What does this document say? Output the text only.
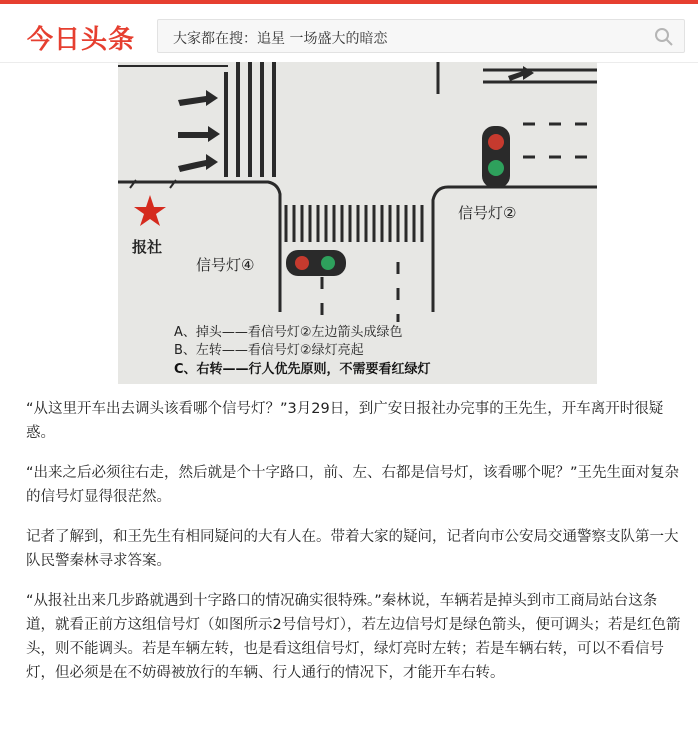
今日头条	大家都在搜：追星 一场盛大的暗恋
报社
信号灯④
信号灯②
A、掉头——看信号灯②左边箭头成绿色
B、左转——看信号灯②绿灯亮起
C、右转——行人优先原则，不需要看红绿灯

“从这里开车出去调头该看哪个信号灯？”3月29日，到广安日报社办完事的王先生，开车离开时很疑惑。

“出来之后必须往右走，然后就是个十字路口，前、左、右都是信号灯，该看哪个呢？”王先生面对复杂的信号灯显得很茫然。

记者了解到，和王先生有相同疑问的大有人在。带着大家的疑问，记者向市公安局交通警察支队第一大队民警秦林寻求答案。

“从报社出来几步路就遇到十字路口的情况确实很特殊。”秦林说，车辆若是掉头到市工商局站台这条道，就看正前方这组信号灯（如图所示2号信号灯），若左边信号灯是绿色箭头，便可调头；若是红色箭头，则不能调头。若是车辆左转，也是看这组信号灯，绿灯亮时左转；若是车辆右转，可以不看信号灯，但必须是在不妨碍被放行的车辆、行人通行的情况下，才能开车右转。
